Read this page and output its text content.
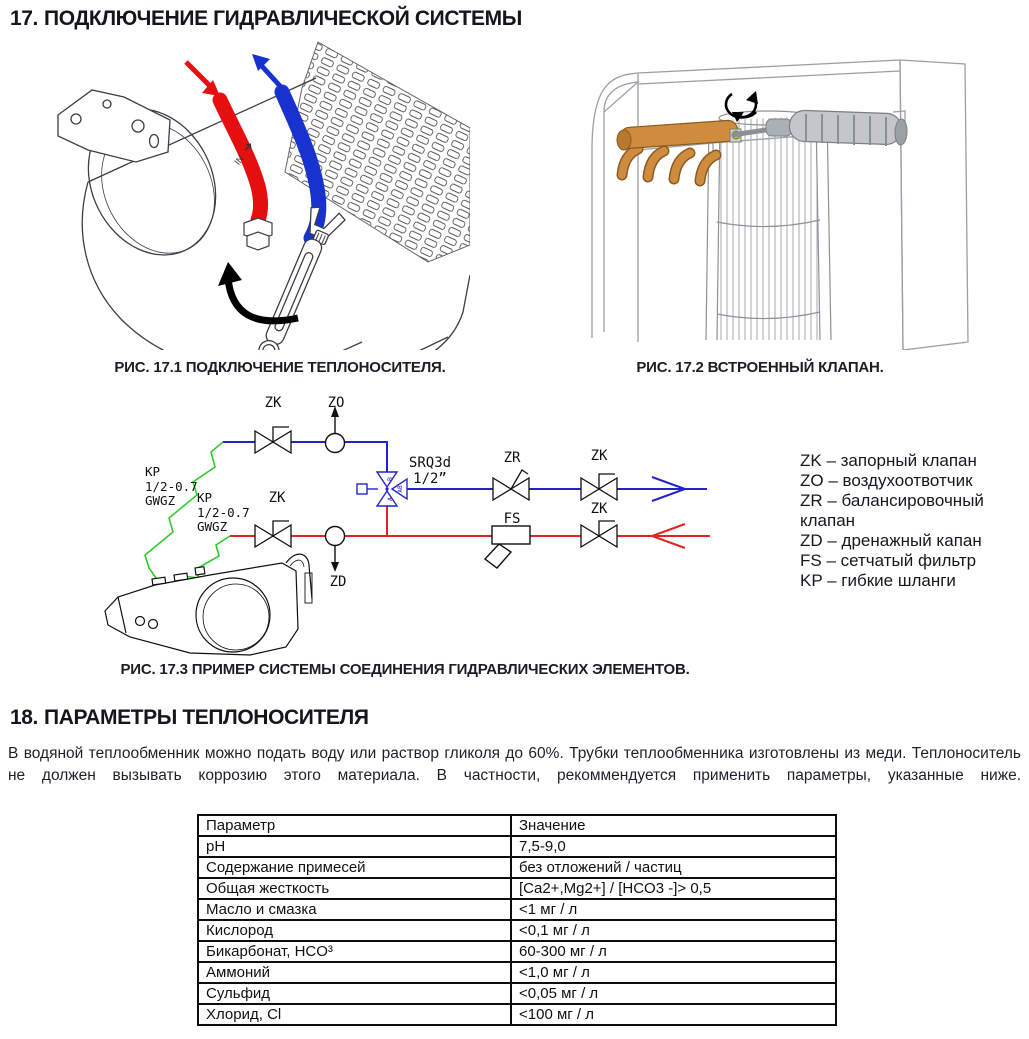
17. ПОДКЛЮЧЕНИЕ ГИДРАВЛИЧЕСКОЙ СИСТЕМЫ
IN
РИС. 17.1 ПОДКЛЮЧЕНИЕ ТЕПЛОНОСИТЕЛЯ.	РИС. 17.2 ВСТРОЕННЫЙ КЛАПАН.
B
A
AB
ZK	ZO
ZK
ZR	ZK
ZK
FS
ZD
SRQ3d
1/2”
KP
1/2-0.7
GWGZ KP
1/2-0.7
GWGZ
ZK – запорный клапан
ZO – воздухоотвотчик
ZR – балансировочный клапан
ZD – дренажный капан
FS – сетчатый фильтр
KP – гибкие шланги
РИС. 17.3 ПРИМЕР СИСТЕМЫ СОЕДИНЕНИЯ ГИДРАВЛИЧЕСКИХ ЭЛЕМЕНТОВ.
18. ПАРАМЕТРЫ ТЕПЛОНОСИТЕЛЯ
В водяной теплообменник можно подать воду или раствор гликоля до 60%. Трубки теплообменника изготовлены из меди. Теплоноситель не должен вызывать коррозию этого материала. В частности, рекоммендуется применить параметры, указанные ниже.
Параметр	Значение
pH	7,5-9,0
Содержание примесей	без отложений / частиц
Общая жесткость	[Ca2+,Mg2+] / [HCO3 -]> 0,5
Масло и смазка	<1 мг / л
Кислород	<0,1 мг / л
Бикарбонат, HCO³	60-300 мг / л
Аммоний	<1,0 мг / л
Сульфид	<0,05 мг / л
Хлорид, Cl	<100 мг / л
